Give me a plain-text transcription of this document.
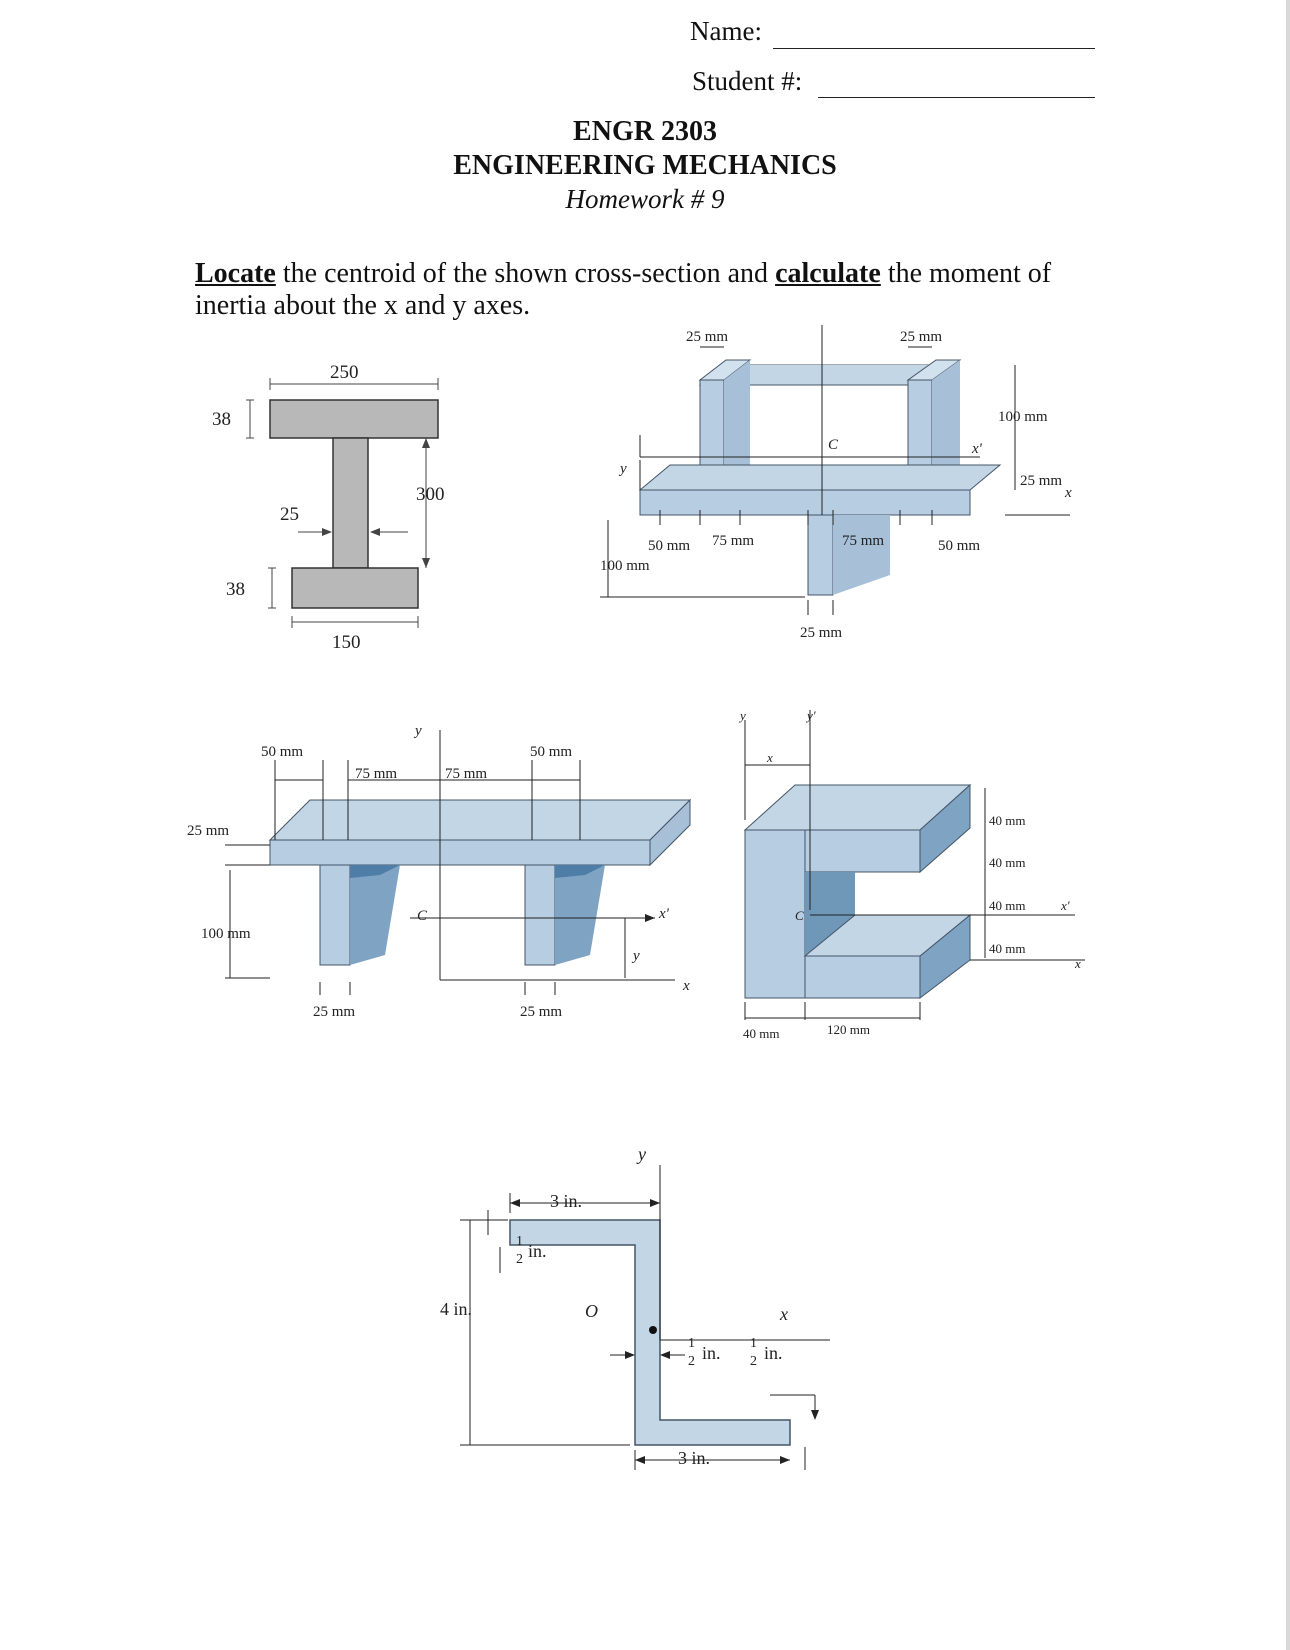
Name:
Student #:
ENGR 2303
ENGINEERING MECHANICS
Homework # 9
Locate the centroid of the shown cross-section and calculate the moment of inertia about the x and y axes.
250
38
25
300
38
150
25 mm	25 mm
100 mm
25 mm
x
x'
C
y
50 mm 75 mm	75 mm	50 mm
100 mm
25 mm
y
50 mm
75 mm	75 mm
50 mm
25 mm
100 mm
C	x'
y
x
25 mm	25 mm
y	y'
x
C
40 mm
40 mm
40 mm
40 mm
x'
x
40 mm	120 mm
y
3 in.
1
2 in.
4 in.	O	x
1
2 in. 1
2 in.
3 in.
